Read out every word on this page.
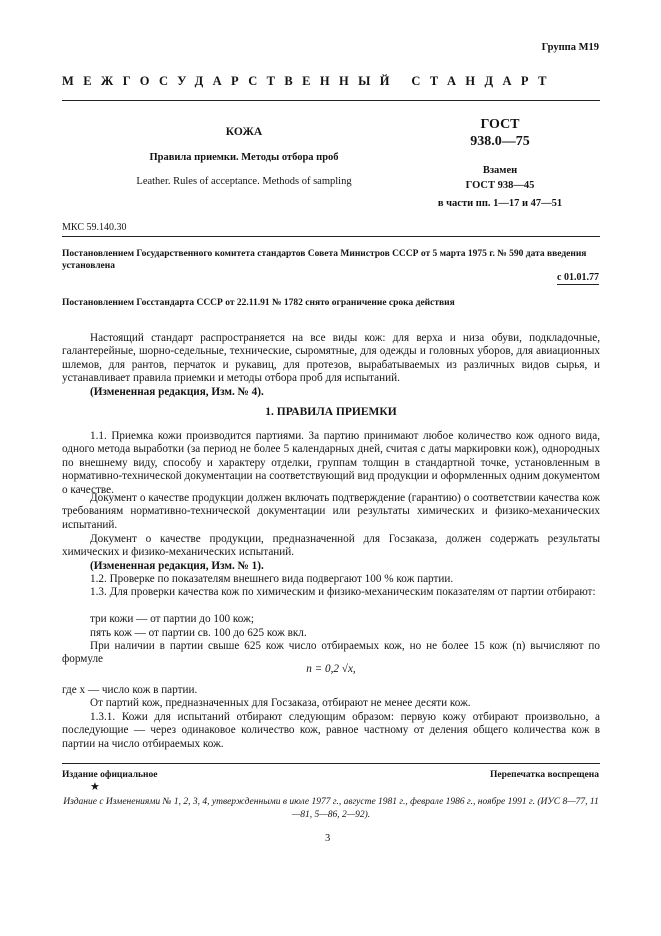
Группа М19
МЕЖГОСУДАРСТВЕННЫЙ СТАНДАРТ
КОЖА
Правила приемки. Методы отбора проб
Leather. Rules of acceptance. Methods of sampling
ГОСТ
938.0—75
Взамен
ГОСТ 938—45
в части пп. 1—17 и 47—51
МКС 59.140.30
Постановлением Государственного комитета стандартов Совета Министров СССР от 5 марта 1975 г. № 590 дата введения установлена
с 01.01.77
Постановлением Госстандарта СССР от 22.11.91 № 1782 снято ограничение срока действия
Настоящий стандарт распространяется на все виды кож: для верха и низа обуви, подкладочные, галантерейные, шорно-седельные, технические, сыромятные, для одежды и головных уборов, для авиационных шлемов, для рантов, перчаток и рукавиц, для протезов, вырабатываемых из различных видов сырья, и устанавливает правила приемки и методы отбора проб для испытаний.
(Измененная редакция, Изм. № 4).
1. ПРАВИЛА ПРИЕМКИ
1.1. Приемка кожи производится партиями. За партию принимают любое количество кож одного вида, одного метода выработки (за период не более 5 календарных дней, считая с даты маркировки кож), однородных по внешнему виду, способу и характеру отделки, группам толщин в стандартной точке, установленным в нормативно-технической документации на соответствующий вид продукции и оформленных одним документом о качестве.
Документ о качестве продукции должен включать подтверждение (гарантию) о соответствии качества кож требованиям нормативно-технической документации или результаты химических и физико-механических испытаний.
Документ о качестве продукции, предназначенной для Госзаказа, должен содержать результаты химических и физико-механических испытаний.
(Измененная редакция, Изм. № 1).
1.2. Проверке по показателям внешнего вида подвергают 100 % кож партии.
1.3. Для проверки качества кож по химическим и физико-механическим показателям от партии отбирают:
три кожи — от партии до 100 кож;
пять кож — от партии св. 100 до 625 кож вкл.
При наличии в партии свыше 625 кож число отбираемых кож, но не более 15 кож (n) вычисляют по формуле
n = 0,2 √x,
где x — число кож в партии.
От партий кож, предназначенных для Госзаказа, отбирают не менее десяти кож.
1.3.1. Кожи для испытаний отбирают следующим образом: первую кожу отбирают произвольно, а последующие — через одинаковое количество кож, равное частному от деления общего количества кож в партии на число отбираемых кож.
Издание официальное	Перепечатка воспрещена
★
Издание с Изменениями № 1, 2, 3, 4, утвержденными в июле 1977 г., августе 1981 г., феврале 1986 г., ноябре 1991 г. (ИУС 8—77, 11—81, 5—86, 2—92).
3
